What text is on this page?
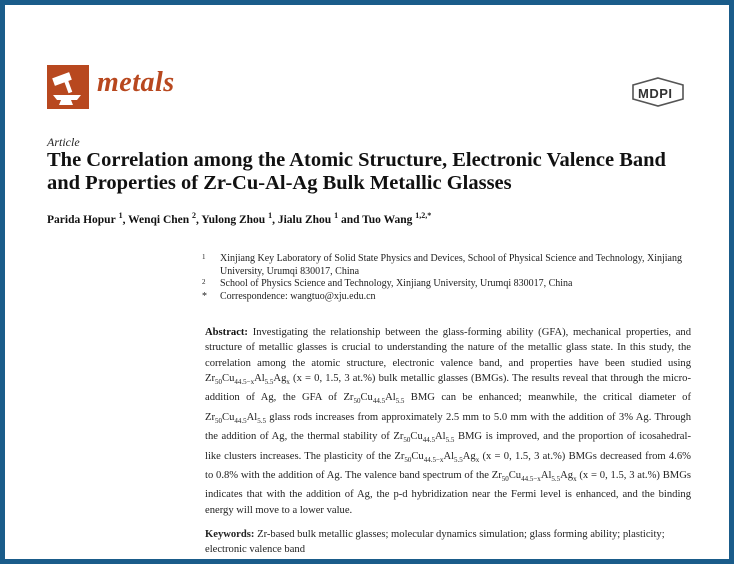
metals	MDPI
Article
The Correlation among the Atomic Structure, Electronic Valence Band and Properties of Zr-Cu-Al-Ag Bulk Metallic Glasses
Parida Hopur $^1$, Wenqi Chen $^2$, Yulong Zhou $^1$, Jialu Zhou $^1$ and Tuo Wang $^{1,2,*}$
1 Xinjiang Key Laboratory of Solid State Physics and Devices, School of Physical Science and Technology, Xinjiang University, Urumqi 830017, China
2 School of Physics Science and Technology, Xinjiang University, Urumqi 830017, China
* Correspondence: wangtuo@xju.edu.cn
Abstract: Investigating the relationship between the glass-forming ability (GFA), mechanical properties, and structure of metallic glasses is crucial to understanding the nature of the metallic glass state. In this study, the correlation among the atomic structure, electronic valence band, and properties have been studied using $Zr_{50}Cu_{44.5-x}Al_{5.5}Ag_x$ (x = 0, 1.5, 3 at.%) bulk metallic glasses (BMGs). The results reveal that through the micro-addition of Ag, the GFA of $Zr_{50}Cu_{44.5}Al_{5.5}$ BMG can be enhanced; meanwhile, the critical diameter of $Zr_{50}Cu_{44.5}Al_{5.5}$ glass rods increases from approximately 2.5 mm to 5.0 mm with the addition of 3% Ag. Through the addition of Ag, the thermal stability of $Zr_{50}Cu_{44.5}Al_{5.5}$ BMG is improved, and the proportion of icosahedral-like clusters increases. The plasticity of the $Zr_{50}Cu_{44.5-x}Al_{5.5}Ag_x$ (x = 0, 1.5, 3 at.%) BMGs decreased from 4.6% to 0.8% with the addition of Ag. The valence band spectrum of the $Zr_{50}Cu_{44.5-x}Al_{5.5}Ag_x$ (x = 0, 1.5, 3 at.%) BMGs indicates that with the addition of Ag, the p-d hybridization near the Fermi level is enhanced, and the binding energy will move to a lower value.
Keywords: Zr-based bulk metallic glasses; molecular dynamics simulation; glass forming ability; plasticity; electronic valence band
